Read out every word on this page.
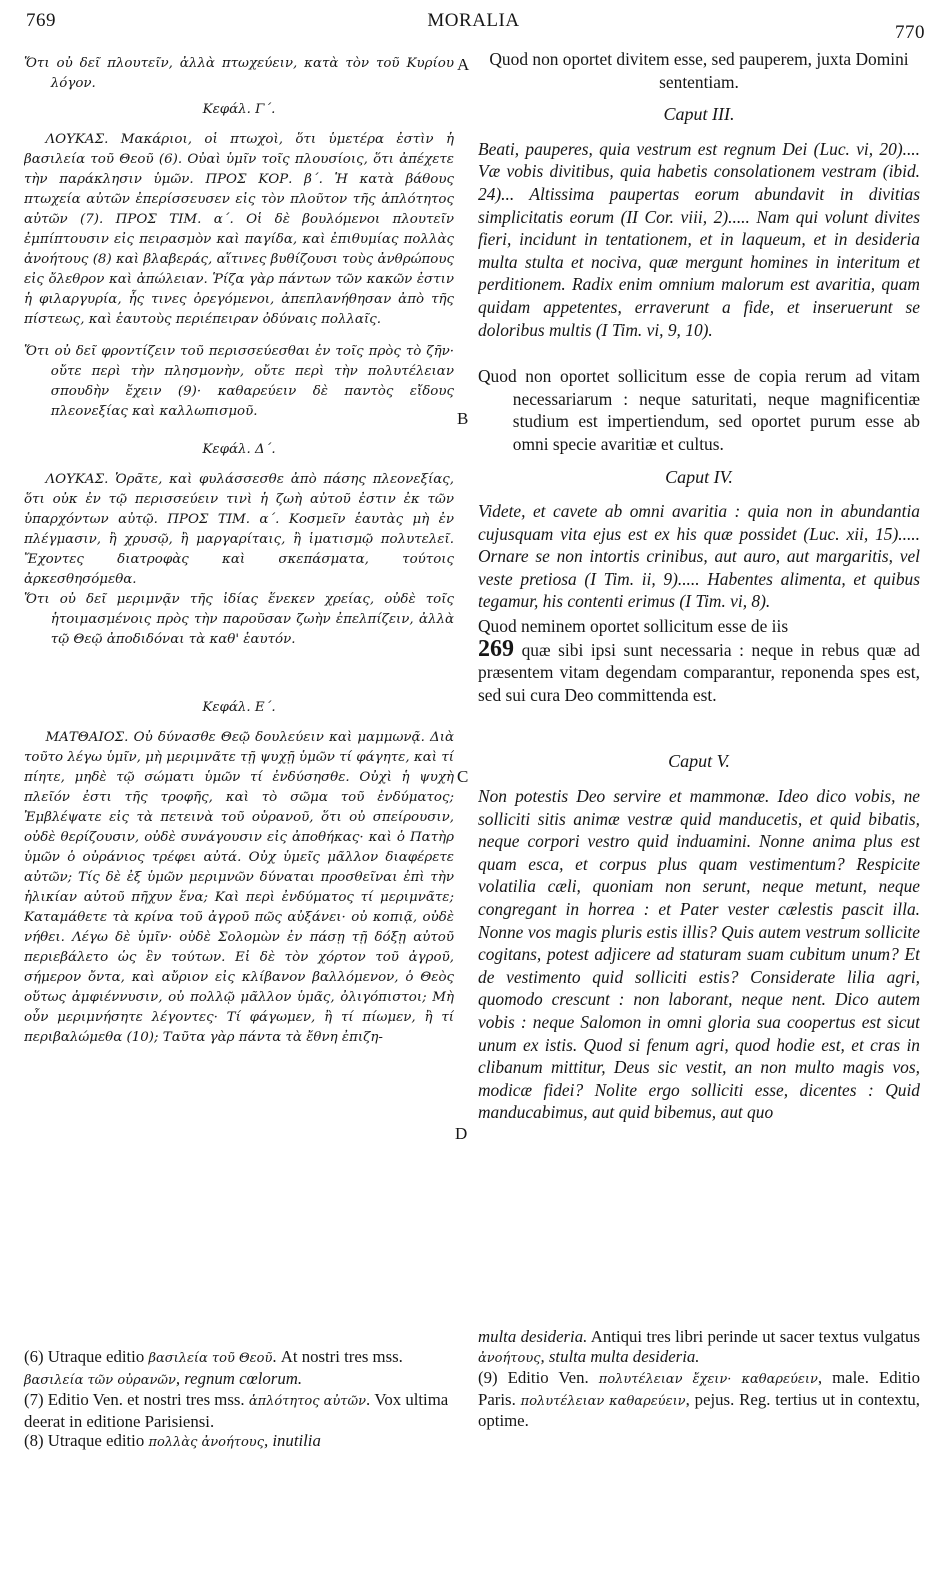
769	MORALIA
770

Ὅτι οὐ δεῖ πλουτεῖν, ἀλλὰ πτωχεύειν, κατὰ τὸν τοῦ Κυρίου λόγον.

Κεφάλ. Γ΄.

ΛΟΥΚΑΣ. Μακάριοι, οἱ πτωχοὶ, ὅτι ὑμετέρα ἐστὶν ἡ βασιλεία τοῦ Θεοῦ (6). Οὐαὶ ὑμῖν τοῖς πλουσίοις, ὅτι ἀπέχετε τὴν παράκλησιν ὑμῶν. ΠΡΟΣ ΚΟΡ. β΄. Ἡ κατὰ βάθους πτωχεία αὐτῶν ἐπερίσσευσεν εἰς τὸν πλοῦτον τῆς ἁπλότητος αὐτῶν (7). ΠΡΟΣ ΤΙΜ. α΄. Οἱ δὲ βουλόμενοι πλουτεῖν ἐμπίπτουσιν εἰς πειρασμὸν καὶ παγίδα, καὶ ἐπιθυμίας πολλὰς ἀνοήτους (8) καὶ βλαβεράς, αἵτινες βυθίζουσι τοὺς ἀνθρώπους εἰς ὄλεθρον καὶ ἀπώλειαν. Ῥίζα γὰρ πάντων τῶν κακῶν ἐστιν ἡ φιλαργυρία, ἧς τινες ὀρεγόμενοι, ἀπεπλανήθησαν ἀπὸ τῆς πίστεως, καὶ ἑαυτοὺς περιέπειραν ὀδύναις πολλαῖς.

Ὅτι οὐ δεῖ φροντίζειν τοῦ περισσεύεσθαι ἐν τοῖς πρὸς τὸ ζῆν· οὔτε περὶ τὴν πλησμονὴν, οὔτε περὶ τὴν πολυτέλειαν σπουδὴν ἔχειν (9)· καθαρεύειν δὲ παντὸς εἴδους πλεονεξίας καὶ καλλωπισμοῦ.

Κεφάλ. Δ΄.

ΛΟΥΚΑΣ. Ὁρᾶτε, καὶ φυλάσσεσθε ἀπὸ πάσης πλεονεξίας, ὅτι οὐκ ἐν τῷ περισσεύειν τινὶ ἡ ζωὴ αὐτοῦ ἐστιν ἐκ τῶν ὑπαρχόντων αὐτῷ. ΠΡΟΣ ΤΙΜ. α΄. Κοσμεῖν ἑαυτὰς μὴ ἐν πλέγμασιν, ἢ χρυσῷ, ἢ μαργαρίταις, ἢ ἱματισμῷ πολυτελεῖ. Ἔχοντες διατροφὰς καὶ σκεπάσματα, τούτοις ἀρκεσθησόμεθα.

Ὅτι οὐ δεῖ μεριμνᾷν τῆς ἰδίας ἕνεκεν χρείας, οὐδὲ τοῖς ἡτοιμασμένοις πρὸς τὴν παροῦσαν ζωὴν ἐπελπίζειν, ἀλλὰ τῷ Θεῷ ἀποδιδόναι τὰ καθ' ἑαυτόν.

Κεφάλ. Ε΄.

ΜΑΤΘΑΙΟΣ. Οὐ δύνασθε Θεῷ δουλεύειν καὶ μαμμωνᾷ. Διὰ τοῦτο λέγω ὑμῖν, μὴ μεριμνᾶτε τῇ ψυχῇ ὑμῶν τί φάγητε, καὶ τί πίητε, μηδὲ τῷ σώματι ὑμῶν τί ἐνδύσησθε. Οὐχὶ ἡ ψυχὴ πλεῖόν ἐστι τῆς τροφῆς, καὶ τὸ σῶμα τοῦ ἐνδύματος; Ἐμβλέψατε εἰς τὰ πετεινὰ τοῦ οὐρανοῦ, ὅτι οὐ σπείρουσιν, οὐδὲ θερίζουσιν, οὐδὲ συνάγουσιν εἰς ἀποθήκας· καὶ ὁ Πατὴρ ὑμῶν ὁ οὐράνιος τρέφει αὐτά. Οὐχ ὑμεῖς μᾶλλον διαφέρετε αὐτῶν; Τίς δὲ ἐξ ὑμῶν μεριμνῶν δύναται προσθεῖναι ἐπὶ τὴν ἡλικίαν αὐτοῦ πῆχυν ἕνα; Καὶ περὶ ἐνδύματος τί μεριμνᾶτε; Καταμάθετε τὰ κρίνα τοῦ ἀγροῦ πῶς αὐξάνει· οὐ κοπιᾷ, οὐδὲ νήθει. Λέγω δὲ ὑμῖν· οὐδὲ Σολομὼν ἐν πάσῃ τῇ δόξῃ αὐτοῦ περιεβάλετο ὡς ἓν τούτων. Εἰ δὲ τὸν χόρτον τοῦ ἀγροῦ, σήμερον ὄντα, καὶ αὔριον εἰς κλίβανον βαλλόμενον, ὁ Θεὸς οὕτως ἀμφιέννυσιν, οὐ πολλῷ μᾶλλον ὑμᾶς, ὀλιγόπιστοι; Μὴ οὖν μεριμνήσητε λέγοντες· Τί φάγωμεν, ἢ τί πίωμεν, ἢ τί περιβαλώμεθα (10); Ταῦτα γὰρ πάντα τὰ ἔθνη ἐπιζη-

A
B
C
D

Quod non oportet divitem esse, sed pauperem, juxta Domini sententiam.

Caput III.

Beati, pauperes, quia vestrum est regnum Dei (Luc. vi, 20).... Væ vobis divitibus, quia habetis consolationem vestram (ibid. 24)... Altissima paupertas eorum abundavit in divitias simplicitatis eorum (II Cor. viii, 2)..... Nam qui volunt divites fieri, incidunt in tentationem, et in laqueum, et in desideria multa stulta et nociva, quæ mergunt homines in interitum et perditionem. Radix enim omnium malorum est avaritia, quam quidam appetentes, erraverunt a fide, et inseruerunt se doloribus multis (I Tim. vi, 9, 10).

Quod non oportet sollicitum esse de copia rerum ad vitam necessariarum : neque saturitati, neque magnificentiæ studium est impertiendum, sed oportet purum esse ab omni specie avaritiæ et cultus.

Caput IV.

Videte, et cavete ab omni avaritia : quia non in abundantia cujusquam vita ejus est ex his quæ possidet (Luc. xii, 15)..... Ornare se non intortis crinibus, aut auro, aut margaritis, vel veste pretiosa (I Tim. ii, 9)..... Habentes alimenta, et quibus tegamur, his contenti erimus (I Tim. vi, 8).

Quod neminem oportet sollicitum esse de iis
269 quæ sibi ipsi sunt necessaria : neque in rebus quæ ad præsentem vitam degendam comparantur, reponenda spes est, sed sui cura Deo committenda est.

Caput V.

Non potestis Deo servire et mammonæ. Ideo dico vobis, ne solliciti sitis animæ vestræ quid manducetis, et quid bibatis, neque corpori vestro quid induamini. Nonne anima plus est quam esca, et corpus plus quam vestimentum? Respicite volatilia cæli, quoniam non serunt, neque metunt, neque congregant in horrea : et Pater vester cælestis pascit illa. Nonne vos magis pluris estis illis? Quis autem vestrum sollicite cogitans, potest adjicere ad staturam suam cubitum unum? Et de vestimento quid solliciti estis? Considerate lilia agri, quomodo crescunt : non laborant, neque nent. Dico autem vobis : neque Salomon in omni gloria sua coopertus est sicut unum ex istis. Quod si fenum agri, quod hodie est, et cras in clibanum mittitur, Deus sic vestit, an non multo magis vos, modicæ fidei? Nolite ergo solliciti esse, dicentes : Quid manducabimus, aut quid bibemus, aut quo

(6) Utraque editio βασιλεία τοῦ Θεοῦ. At nostri tres mss. βασιλεία τῶν οὐρανῶν, regnum cœlorum.

(7) Editio Ven. et nostri tres mss. ἁπλότητος αὐτῶν. Vox ultima deerat in editione Parisiensi.

(8) Utraque editio πολλὰς ἀνοήτους, inutilia

multa desideria. Antiqui tres libri perinde ut sacer textus vulgatus ἀνοήτους, stulta multa desideria.

(9) Editio Ven. πολυτέλειαν ἔχειν· καθαρεύειν, male. Editio Paris. πολυτέλειαν καθαρεύειν, pejus. Reg. tertius ut in contextu, optime.
